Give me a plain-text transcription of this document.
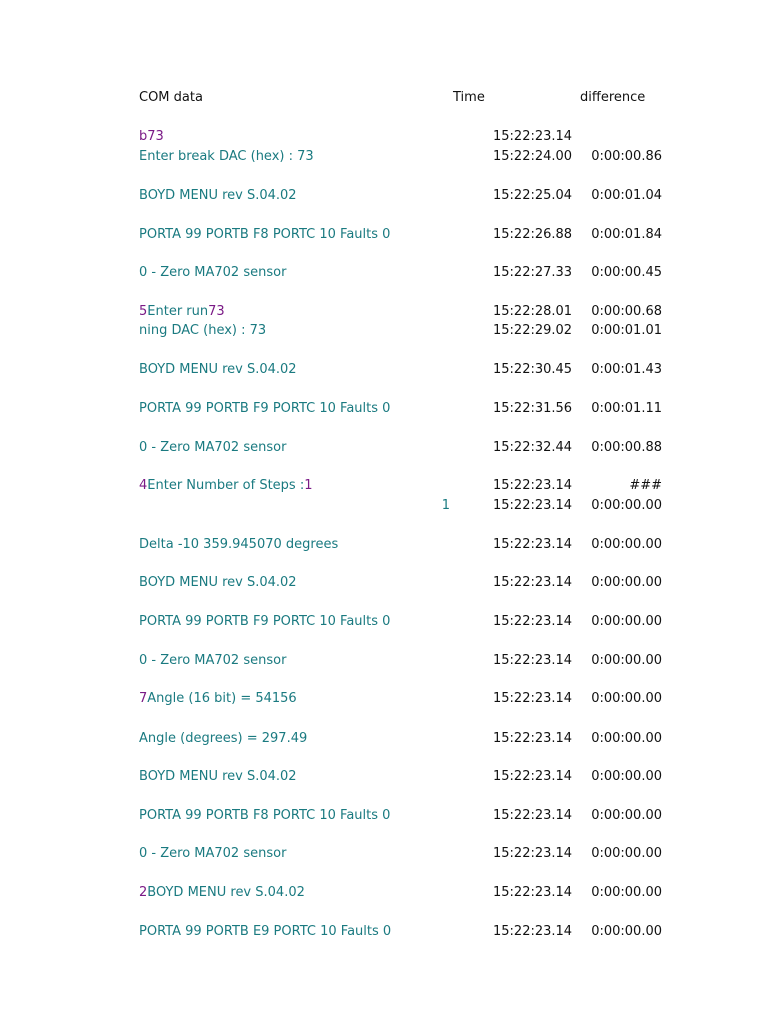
COM data	Time	difference
b73	15:22:23.14
Enter break DAC (hex) : 73	15:22:24.00 0:00:00.86
BOYD MENU rev S.04.02	15:22:25.04 0:00:01.04
PORTA 99 PORTB F8 PORTC 10 Faults 0	15:22:26.88 0:00:01.84
0 - Zero MA702 sensor	15:22:27.33 0:00:00.45
5Enter run73	15:22:28.01 0:00:00.68
ning DAC (hex) : 73	15:22:29.02 0:00:01.01
BOYD MENU rev S.04.02	15:22:30.45 0:00:01.43
PORTA 99 PORTB F9 PORTC 10 Faults 0	15:22:31.56 0:00:01.11
0 - Zero MA702 sensor	15:22:32.44 0:00:00.88
4Enter Number of Steps :1	15:22:23.14	###
1	15:22:23.14 0:00:00.00
Delta -10 359.945070 degrees	15:22:23.14 0:00:00.00
BOYD MENU rev S.04.02	15:22:23.14 0:00:00.00
PORTA 99 PORTB F9 PORTC 10 Faults 0	15:22:23.14 0:00:00.00
0 - Zero MA702 sensor	15:22:23.14 0:00:00.00
7Angle (16 bit) = 54156	15:22:23.14 0:00:00.00
Angle (degrees) = 297.49	15:22:23.14 0:00:00.00
BOYD MENU rev S.04.02	15:22:23.14 0:00:00.00
PORTA 99 PORTB F8 PORTC 10 Faults 0	15:22:23.14 0:00:00.00
0 - Zero MA702 sensor	15:22:23.14 0:00:00.00
2BOYD MENU rev S.04.02	15:22:23.14 0:00:00.00
PORTA 99 PORTB E9 PORTC 10 Faults 0	15:22:23.14 0:00:00.00
